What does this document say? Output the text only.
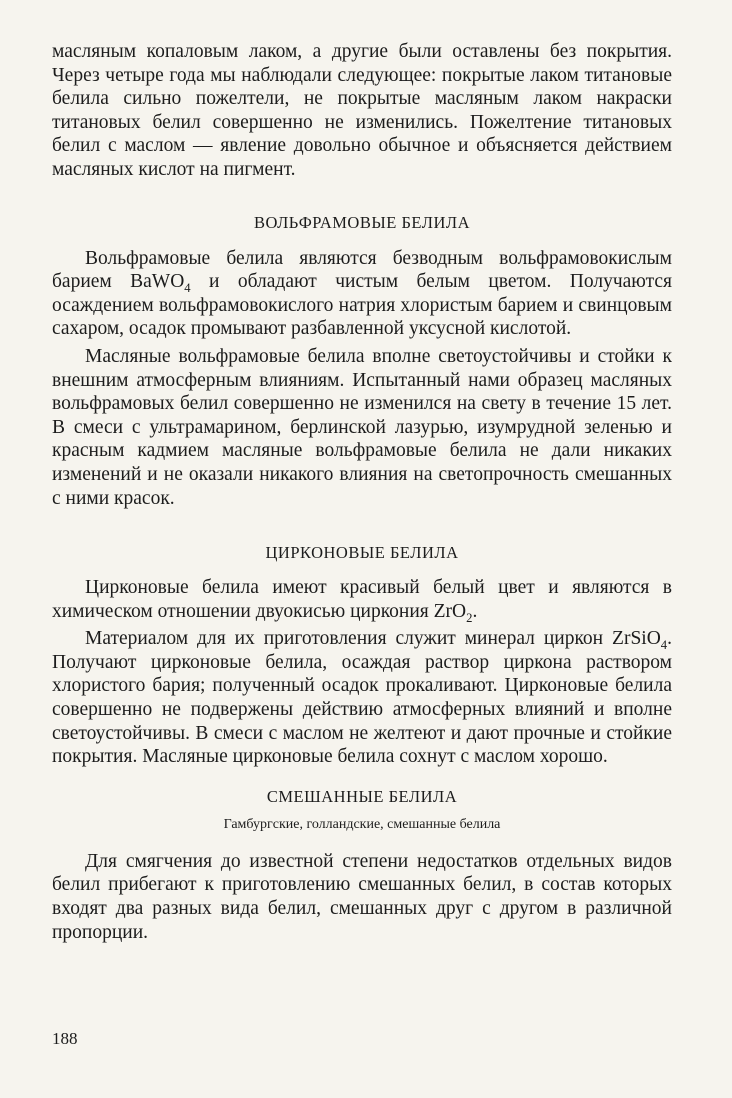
масляным копаловым лаком, а другие были оставлены без покрытия. Через четыре года мы наблюдали следующее: покрытые лаком титановые белила сильно пожелтели, не покрытые масляным лаком накраски титановых белил совершенно не изменились. Пожелтение титановых белил с маслом — явление довольно обычное и объясняется действием масляных кислот на пигмент.

ВОЛЬФРАМОВЫЕ БЕЛИЛА

Вольфрамовые белила являются безводным вольфрамовокислым барием BaWO$_4$ и обладают чистым белым цветом. Получаются осаждением вольфрамовокислого натрия хлористым барием и свинцовым сахаром, осадок промывают разбавленной уксусной кислотой.

Масляные вольфрамовые белила вполне светоустойчивы и стойки к внешним атмосферным влияниям. Испытанный нами образец масляных вольфрамовых белил совершенно не изменился на свету в течение 15 лет. В смеси с ультрамарином, берлинской лазурью, изумрудной зеленью и красным кадмием масляные вольфрамовые белила не дали никаких изменений и не оказали никакого влияния на светопрочность смешанных с ними красок.

ЦИРКОНОВЫЕ БЕЛИЛА

Цирконовые белила имеют красивый белый цвет и являются в химическом отношении двуокисью циркония ZrO$_2$.

Материалом для их приготовления служит минерал циркон ZrSiO$_4$. Получают цирконовые белила, осаждая раствор циркона раствором хлористого бария; полученный осадок прокаливают. Цирконовые белила совершенно не подвержены действию атмосферных влияний и вполне светоустойчивы. В смеси с маслом не желтеют и дают прочные и стойкие покрытия. Масляные цирконовые белила сохнут с маслом хорошо.

СМЕШАННЫЕ БЕЛИЛА

Гамбургские, голландские, смешанные белила

Для смягчения до известной степени недостатков отдельных видов белил прибегают к приготовлению смешанных белил, в состав которых входят два разных вида белил, смешанных друг с другом в различной пропорции.

188
